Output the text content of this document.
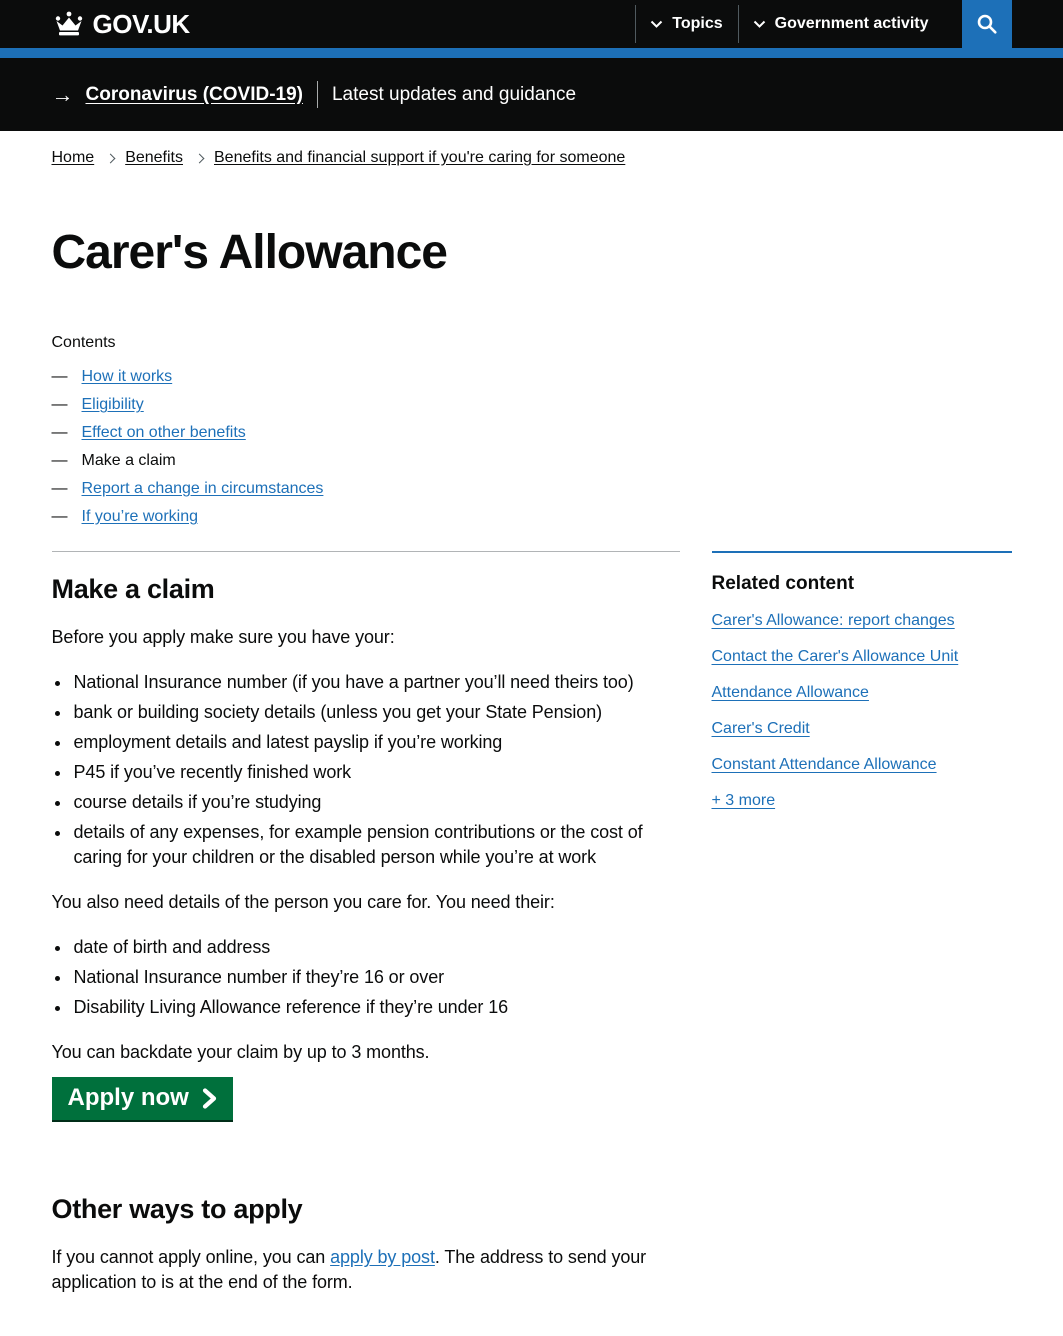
GOV.UK	Topics	Government activity
→ Coronavirus (COVID-19) Latest updates and guidance
Home Benefits Benefits and financial support if you're caring for someone
Carer's Allowance
Contents
— How it works
— Eligibility
— Effect on other benefits
— Make a claim
— Report a change in circumstances
— If you’re working
Make a claim

Before you apply make sure you have your:

• National Insurance number (if you have a partner you’ll need theirs too)
• bank or building society details (unless you get your State Pension)
• employment details and latest payslip if you’re working
• P45 if you’ve recently finished work
• course details if you’re studying
• details of any expenses, for example pension contributions or the cost of caring for your children or the disabled person while you’re at work

You also need details of the person you care for. You need their:

• date of birth and address
• National Insurance number if they’re 16 or over
• Disability Living Allowance reference if they’re under 16

You can backdate your claim by up to 3 months.

Apply now
Other ways to apply

If you cannot apply online, you can apply by post. The address to send your application to is at the end of the form.

Related content
Carer's Allowance: report changes
Contact the Carer's Allowance Unit
Attendance Allowance
Carer's Credit
Constant Attendance Allowance
+ 3 more
